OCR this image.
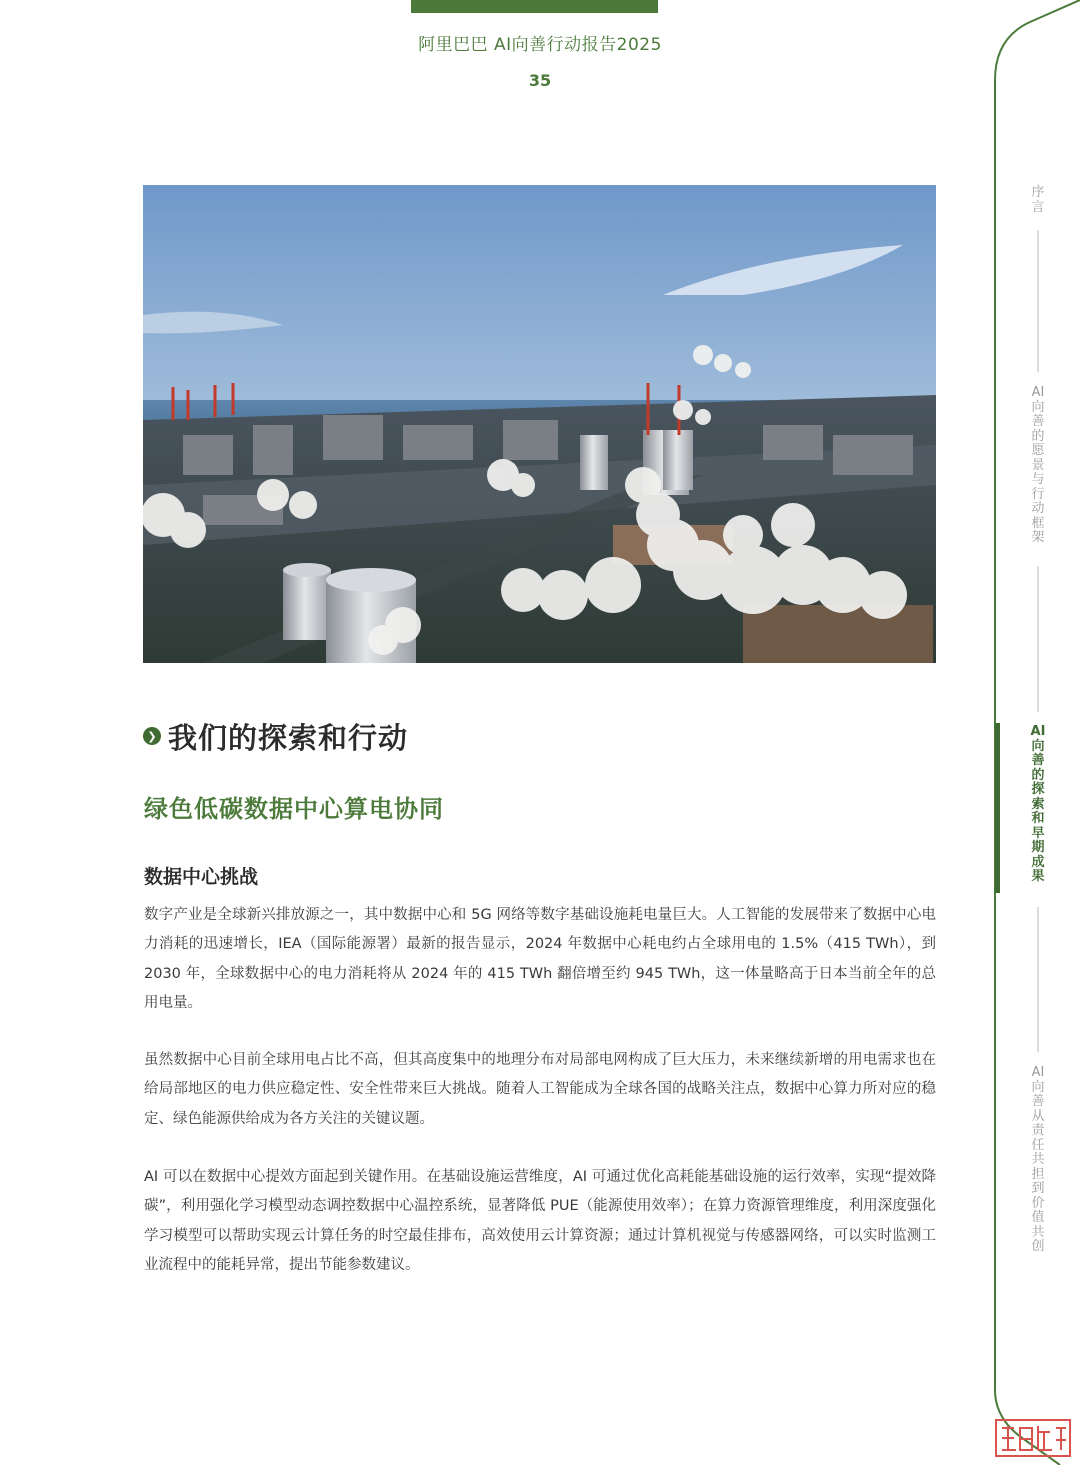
阿里巴巴 AI向善行动报告2025
35
❯ 我们的探索和行动
绿色低碳数据中心算电协同
数据中心挑战

数字产业是全球新兴排放源之一，其中数据中心和 5G 网络等数字基础设施耗电量巨大。人工智能的发展带来了数据中心电力消耗的迅速增长，IEA（国际能源署）最新的报告显示，2024 年数据中心耗电约占全球用电的 1.5%（415 TWh），到 2030 年，全球数据中心的电力消耗将从 2024 年的 415 TWh 翻倍增至约 945 TWh，这一体量略高于日本当前全年的总用电量。

虽然数据中心目前全球用电占比不高，但其高度集中的地理分布对局部电网构成了巨大压力，未来继续新增的用电需求也在给局部地区的电力供应稳定性、安全性带来巨大挑战。随着人工智能成为全球各国的战略关注点，数据中心算力所对应的稳定、绿色能源供给成为各方关注的关键议题。

AI 可以在数据中心提效方面起到关键作用。在基础设施运营维度，AI 可通过优化高耗能基础设施的运行效率，实现“提效降碳”，利用强化学习模型动态调控数据中心温控系统，显著降低 PUE（能源使用效率）；在算力资源管理维度，利用深度强化学习模型可以帮助实现云计算任务的时空最佳排布，高效使用云计算资源；通过计算机视觉与传感器网络，可以实时监测工业流程中的能耗异常，提出节能参数建议。

序言
AI向善的愿景与行动框架
AI向善的探索和早期成果
AI向善 从责任共担到价值共创
